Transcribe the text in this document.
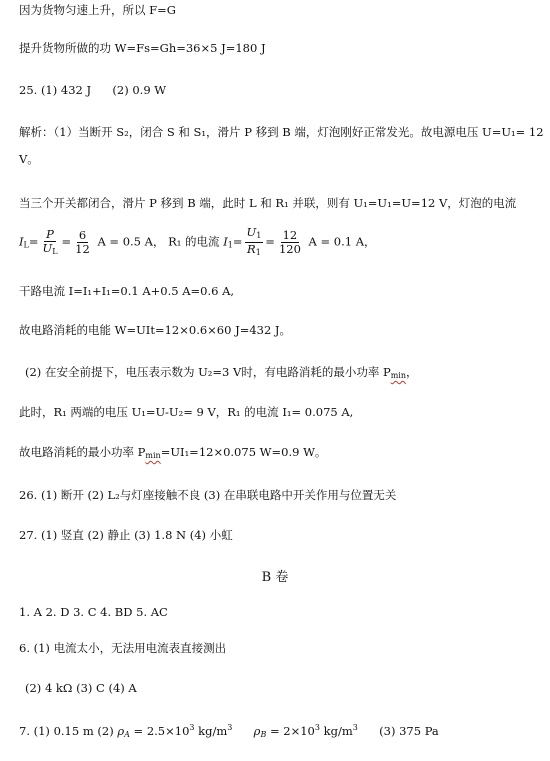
因为货物匀速上升，所以 F=G
提升货物所做的功 W=Fs=Gh=36×5 J=180 J
25. (1) 432 J (2) 0.9 W
解析：（1）当断开 S₂，闭合 S 和 S₁，滑片 P 移到 B 端，灯泡刚好正常发光。故电源电压 U=U₁= 12
V。
当三个开关都闭合，滑片 P 移到 B 端，此时 L 和 R₁ 并联，则有 U₁=U₁=U=12 V，灯泡的电流
$I_L= \frac{P}{U_L} = \frac{6}{12}$ A = 0.5 A， R₁ 的电流 $I_1= \frac{U_1}{R_1} = \frac{12}{120}$ A = 0.1 A，
干路电流 I=I₁+I₁=0.1 A+0.5 A=0.6 A,
故电路消耗的电能 W=UIt=12×0.6×60 J=432 J。
(2) 在安全前提下，电压表示数为 U₂=3 V时，有电路消耗的最小功率 $P_{min}$，
此时，R₁ 两端的电压 U₁=U-U₂= 9 V，R₁ 的电流 I₁= 0.075 A,
故电路消耗的最小功率 $P_{min}=UI_1=12\times 0.075$ W=0.9 W。
26. (1) 断开 (2) L₂与灯座接触不良 (3) 在串联电路中开关作用与位置无关
27. (1) 竖直 (2) 静止 (3) 1.8 N (4) 小虹
B 卷
1. A 2. D 3. C 4. BD 5. AC
6. (1) 电流太小，无法用电流表直接测出
(2) 4 kΩ (3) C (4) A
7. (1) 0.15 m (2) $\rho_A = 2.5\times 10^3$ $kg/m^3$ $\rho_B = 2\times 10^3$ $kg/m^3$ (3) 375 Pa
